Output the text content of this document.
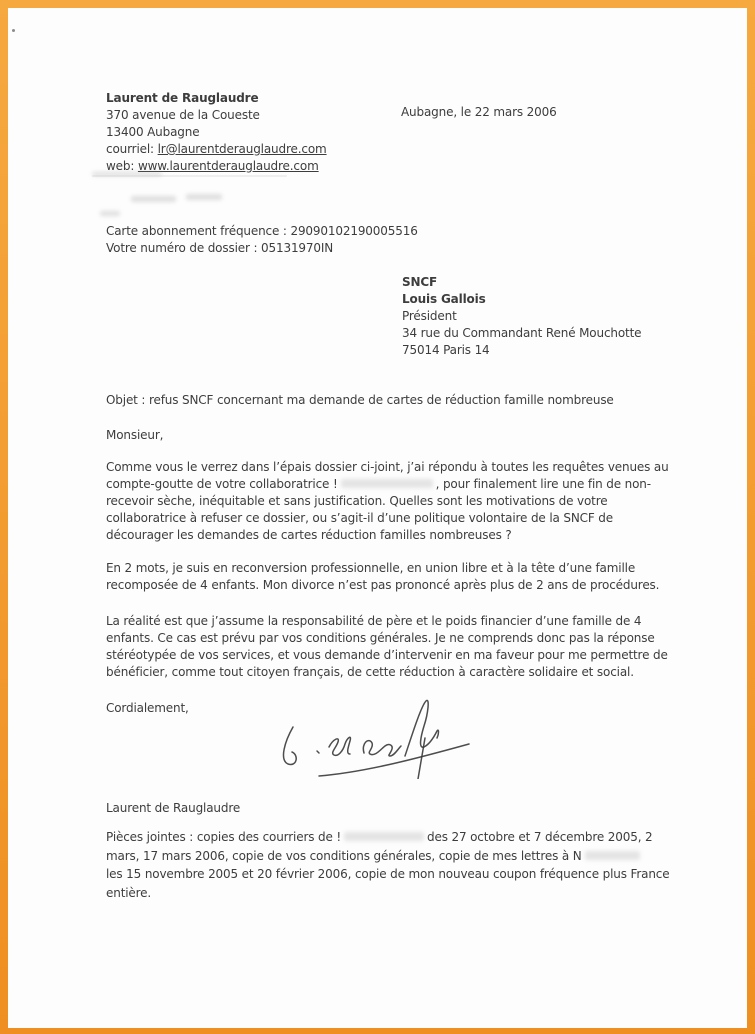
Laurent de Rauglaudre
370 avenue de la Coueste
13400 Aubagne
courriel: lr@laurentderauglaudre.com
web: www.laurentderauglaudre.com
Aubagne, le 22 mars 2006
Carte abonnement fréquence : 29090102190005516
Votre numéro de dossier : 05131970IN
SNCF
Louis Gallois
Président
34 rue du Commandant René Mouchotte
75014 Paris 14
Objet : refus SNCF concernant ma demande de cartes de réduction famille nombreuse
Monsieur,
Comme vous le verrez dans l’épais dossier ci-joint, j’ai répondu à toutes les requêtes venues au
compte-goutte de votre collaboratrice !	, pour finalement lire une fin de non-
recevoir sèche, inéquitable et sans justification. Quelles sont les motivations de votre
collaboratrice à refuser ce dossier, ou s’agit-il d’une politique volontaire de la SNCF de
décourager les demandes de cartes réduction familles nombreuses ?
En 2 mots, je suis en reconversion professionnelle, en union libre et à la tête d’une famille
recomposée de 4 enfants. Mon divorce n’est pas prononcé après plus de 2 ans de procédures.
La réalité est que j’assume la responsabilité de père et le poids financier d’une famille de 4
enfants. Ce cas est prévu par vos conditions générales. Je ne comprends donc pas la réponse
stéréotypée de vos services, et vous demande d’intervenir en ma faveur pour me permettre de
bénéficier, comme tout citoyen français, de cette réduction à caractère solidaire et social.
Cordialement,
Laurent de Rauglaudre
Pièces jointes : copies des courriers de !	des 27 octobre et 7 décembre 2005, 2
mars, 17 mars 2006, copie de vos conditions générales, copie de mes lettres à N
les 15 novembre 2005 et 20 février 2006, copie de mon nouveau coupon fréquence plus France
entière.
